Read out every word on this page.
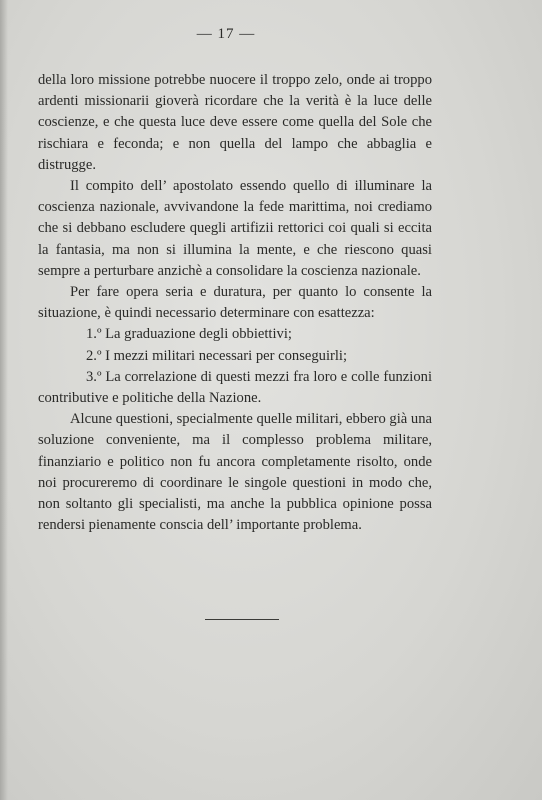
— 17 —

della loro missione potrebbe nuocere il troppo zelo, onde ai troppo ardenti missionarii gioverà ricordare che la verità è la luce delle coscienze, e che questa luce deve essere come quella del Sole che rischiara e feconda; e non quella del lampo che abbaglia e distrugge.

Il compito dell’ apostolato essendo quello di illuminare la coscienza nazionale, avvivandone la fede marittima, noi crediamo che si debbano escludere quegli artifizii rettorici coi quali si eccita la fantasia, ma non si illumina la mente, e che riescono quasi sempre a perturbare anzichè a consolidare la coscienza nazionale.

Per fare opera seria e duratura, per quanto lo consente la situazione, è quindi necessario determinare con esattezza:

1.º La graduazione degli obbiettivi;

2.º I mezzi militari necessari per conseguirli;

3.º La correlazione di questi mezzi fra loro e colle funzioni contributive e politiche della Nazione.

Alcune questioni, specialmente quelle militari, ebbero già una soluzione conveniente, ma il complesso problema militare, finanziario e politico non fu ancora completamente risolto, onde noi procureremo di coordinare le singole questioni in modo che, non soltanto gli specialisti, ma anche la pubblica opinione possa rendersi pienamente conscia dell’ importante problema.
